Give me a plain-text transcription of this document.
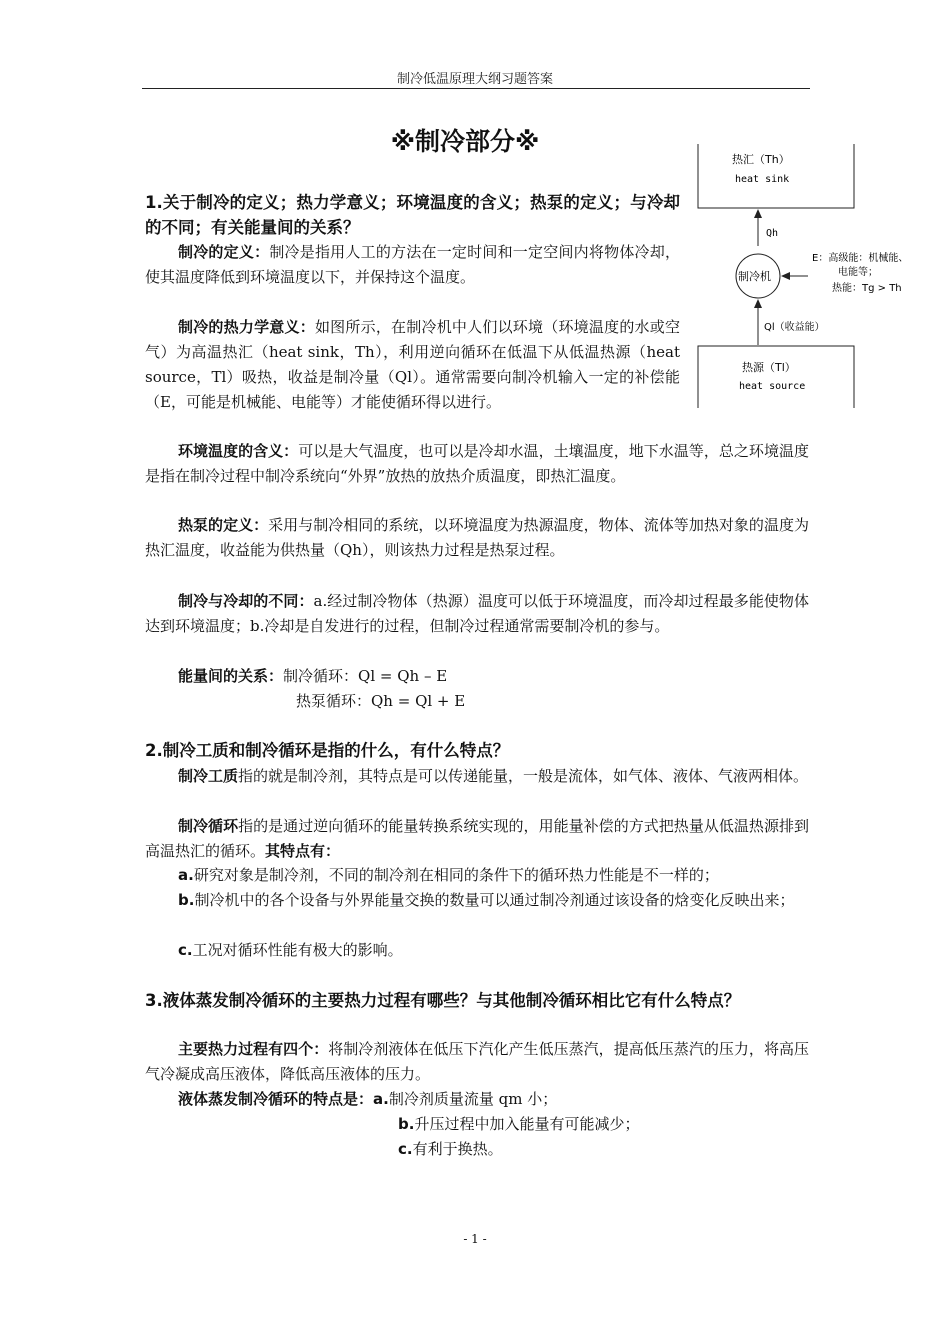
制冷低温原理大纲习题答案
※制冷部分※
热汇（Th）
heat sink
Qh
制冷机
E：高级能：机械能、
电能等；
热能：Tg > Th
Ql（收益能）
热源（Tl）
heat source
1.关于制冷的定义；热力学意义；环境温度的含义；热泵的定义；与冷却的不同；有关能量间的关系？
制冷的定义：制冷是指用人工的方法在一定时间和一定空间内将物体冷却，使其温度降低到环境温度以下，并保持这个温度。
制冷的热力学意义：如图所示，在制冷机中人们以环境（环境温度的水或空气）为高温热汇（heat sink，Th），利用逆向循环在低温下从低温热源（heat source，Tl）吸热，收益是制冷量（Ql）。通常需要向制冷机输入一定的补偿能（E，可能是机械能、电能等）才能使循环得以进行。
环境温度的含义：可以是大气温度，也可以是冷却水温，土壤温度，地下水温等，总之环境温度是指在制冷过程中制冷系统向“外界”放热的放热介质温度，即热汇温度。
热泵的定义：采用与制冷相同的系统，以环境温度为热源温度，物体、流体等加热对象的温度为热汇温度，收益能为供热量（Qh），则该热力过程是热泵过程。
制冷与冷却的不同：a.经过制冷物体（热源）温度可以低于环境温度，而冷却过程最多能使物体达到环境温度；b.冷却是自发进行的过程，但制冷过程通常需要制冷机的参与。
能量间的关系：制冷循环：Ql = Qh – E
热泵循环：Qh = Ql + E
2.制冷工质和制冷循环是指的什么，有什么特点？
制冷工质指的就是制冷剂，其特点是可以传递能量，一般是流体，如气体、液体、气液两相体。
制冷循环指的是通过逆向循环的能量转换系统实现的，用能量补偿的方式把热量从低温热源排到高温热汇的循环。其特点有：
a.研究对象是制冷剂，不同的制冷剂在相同的条件下的循环热力性能是不一样的；
b.制冷机中的各个设备与外界能量交换的数量可以通过制冷剂通过该设备的焓变化反映出来；
c.工况对循环性能有极大的影响。
3.液体蒸发制冷循环的主要热力过程有哪些？与其他制冷循环相比它有什么特点？
主要热力过程有四个：将制冷剂液体在低压下汽化产生低压蒸汽，提高低压蒸汽的压力，将高压气冷凝成高压液体，降低高压液体的压力。
液体蒸发制冷循环的特点是：a.制冷剂质量流量 qm 小；
b.升压过程中加入能量有可能减少；
c.有利于换热。
- 1 -
